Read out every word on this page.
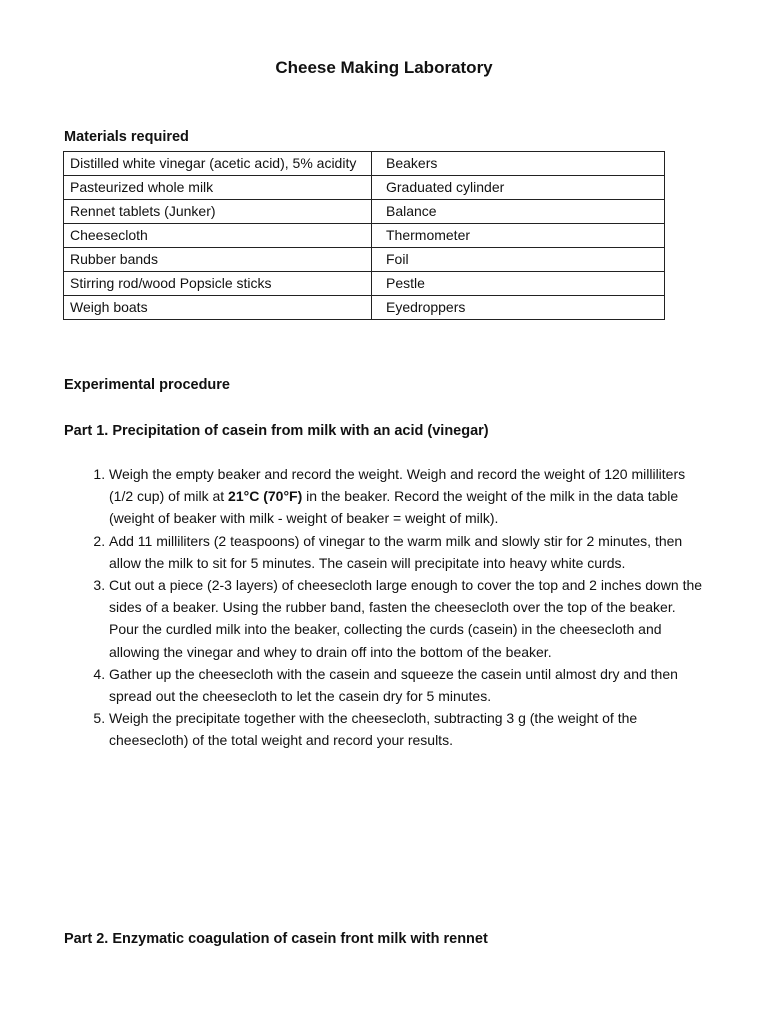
Cheese Making Laboratory
Materials required
Distilled white vinegar (acetic acid), 5% acidity	Beakers
Pasteurized whole milk	Graduated cylinder
Rennet tablets (Junker)	Balance
Cheesecloth	Thermometer
Rubber bands	Foil
Stirring rod/wood Popsicle sticks	Pestle
Weigh boats	Eyedroppers
Experimental procedure
Part 1. Precipitation of casein from milk with an acid (vinegar)
1. Weigh the empty beaker and record the weight. Weigh and record the weight of 120 milliliters (1/2 cup) of milk at 21°C (70°F) in the beaker. Record the weight of the milk in the data table (weight of beaker with milk - weight of beaker = weight of milk).
2. Add 11 milliliters (2 teaspoons) of vinegar to the warm milk and slowly stir for 2 minutes, then allow the milk to sit for 5 minutes. The casein will precipitate into heavy white curds.
3. Cut out a piece (2-3 layers) of cheesecloth large enough to cover the top and 2 inches down the sides of a beaker. Using the rubber band, fasten the cheesecloth over the top of the beaker. Pour the curdled milk into the beaker, collecting the curds (casein) in the cheesecloth and allowing the vinegar and whey to drain off into the bottom of the beaker.
4. Gather up the cheesecloth with the casein and squeeze the casein until almost dry and then spread out the cheesecloth to let the casein dry for 5 minutes.
5. Weigh the precipitate together with the cheesecloth, subtracting 3 g (the weight of the cheesecloth) of the total weight and record your results.
Part 2. Enzymatic coagulation of casein front milk with rennet
